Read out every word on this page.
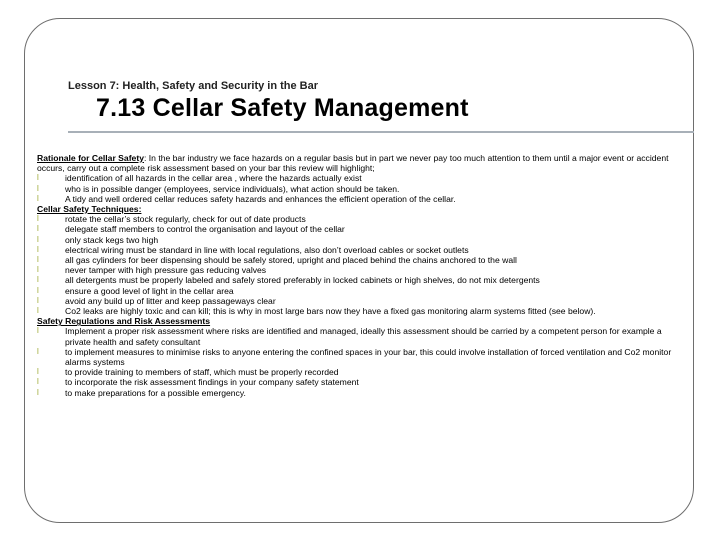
Lesson 7: Health, Safety and Security in the Bar
7.13 Cellar Safety Management

Rationale for Cellar Safety: In the bar industry we face hazards on a regular basis but in part we never pay too much attention to them until a major event or accident occurs, carry out a complete risk assessment based on your bar this review will highlight;

l	identification of all hazards in the cellar area , where the hazards actually exist

l	who is in possible danger (employees, service individuals), what action should be taken.

l	A tidy and well ordered cellar reduces safety hazards and enhances the efficient operation of the cellar.

Cellar Safety Techniques:

l	rotate the cellar’s stock regularly, check for out of date products

l	delegate staff members to control the organisation and layout of the cellar

l	only stack kegs two high

l	electrical wiring must be standard in line with local regulations, also don’t overload cables or socket outlets

l	all gas cylinders for beer dispensing should be safely stored, upright and placed behind the chains anchored to the wall

l	never tamper with high pressure gas reducing valves

l	all detergents must be properly labeled and safely stored preferably in locked cabinets or high shelves, do not mix detergents

l	ensure a good level of light in the cellar area

l	avoid any build up of litter and keep passageways clear

l	Co2 leaks are highly toxic and can kill; this is why in most large bars now they have a fixed gas monitoring alarm systems fitted (see below).

Safety Regulations and Risk Assessments

l	Implement a proper risk assessment where risks are identified and managed, ideally this assessment should be carried by a competent person for example a private health and safety consultant

l	to implement measures to minimise risks to anyone entering the confined spaces in your bar, this could involve installation of forced ventilation and Co2 monitor alarms systems

l	to provide training to members of staff, which must be properly recorded

l	to incorporate the risk assessment findings in your company safety statement

l	to make preparations for a possible emergency.
